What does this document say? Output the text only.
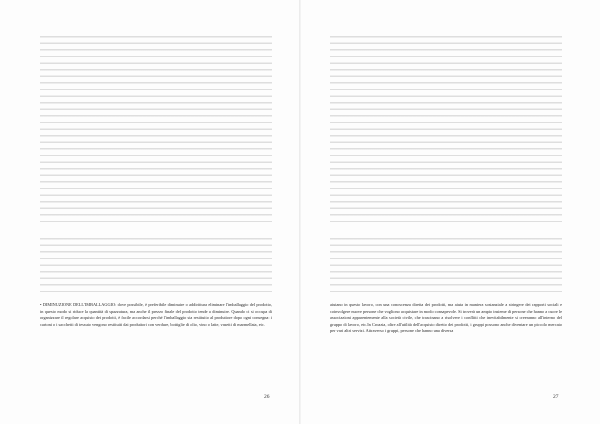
• DIMINUZIONE DELL'IMBALLAGGIO: dove possibile, è preferibile diminuire o addirittura eliminare l'imballaggio del prodotto, in questo modo si riduce la quantità di spazzatura, ma anche il prezzo finale del prodotto tende a diminuire. Quando ci si occupa di organizzare il regolare acquisto dei prodotti, è facile accordarsi perché l'imballaggio sia restituito al produttore dopo ogni consegna: i cartoni o i sacchetti di tessuto vengono restituiti dai produttori con verdure, bottiglie di olio, vino o latte, vasetti di marmellata, etc.

26

aiutano in questo lavoro, con una conoscenza diretta dei prodotti, ma aiuta in maniera sostanziale a stringere dei rapporti sociali e coinvolgere nuove persone che vogliono acquistare in modo consapevole. Si troverà un ampio insieme di persone che hanno a cuore le associazioni apparentemente alla società civile, che trascinano a risolvere i conflitti che inevitabilmente si creeranno all'interno del gruppo di lavoro, etc.In Croazia, oltre all'utilità dell'acquisto diretto dei prodotti, i gruppi possono anche diventare un piccolo mercato per vari altri servizi. Attraverso i gruppi, persone che hanno una diversa

27
